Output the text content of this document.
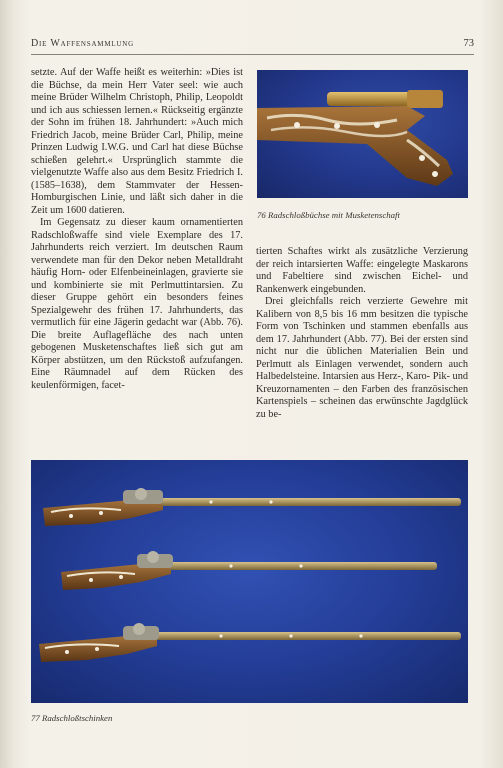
Die Waffensammlung	73

setzte. Auf der Waffe heißt es weiterhin: »Dies ist die Büchse, da mein Herr Vater seel: wie auch meine Brüder Wilhelm Christoph, Philip, Leopoldt und ich aus schiessen lernen.« Rückseitig ergänzte der Sohn im frühen 18. Jahrhundert: »Auch mich Friedrich Jacob, meine Brüder Carl, Philip, meine Prinzen Ludwig I.W.G. und Carl hat diese Büchse schießen gelehrt.« Ursprünglich stammte die vielgenutzte Waffe also aus dem Besitz Friedrich I. (1585–1638), dem Stammvater der Hessen-Homburgischen Linie, und läßt sich daher in die Zeit um 1600 datieren.

Im Gegensatz zu dieser kaum ornamentierten Radschloßwaffe sind viele Exemplare des 17. Jahrhunderts reich verziert. Im deutschen Raum verwendete man für den Dekor neben Metalldraht häufig Horn- oder Elfenbeineinlagen, gravierte sie und kombinierte sie mit Perlmuttintarsien. Zu dieser Gruppe gehört ein besonders feines Spezialgewehr des frühen 17. Jahrhunderts, das vermutlich für eine Jägerin gedacht war (Abb. 76). Die breite Auflagefläche des nach unten gebogenen Musketenschaftes ließ sich gut am Körper abstützen, um den Rückstoß aufzufangen. Eine Räumnadel auf dem Rücken des keulenförmigen, facet-

76 Radschloßbüchse mit Musketenschaft

tierten Schaftes wirkt als zusätzliche Verzierung der reich intarsierten Waffe: eingelegte Maskarons und Fabeltiere sind zwischen Eichel- und Rankenwerk eingebunden.

Drei gleichfalls reich verzierte Gewehre mit Kalibern von 8,5 bis 16 mm besitzen die typische Form von Tschinken und stammen ebenfalls aus dem 17. Jahrhundert (Abb. 77). Bei der ersten sind nicht nur die üblichen Materialien Bein und Perlmutt als Einlagen verwendet, sondern auch Halbedelsteine. Intarsien aus Herz-, Karo- Pik- und Kreuzornamenten – den Farben des französischen Kartenspiels – scheinen das erwünschte Jagdglück zu be-

77 Radschloßtschinken
